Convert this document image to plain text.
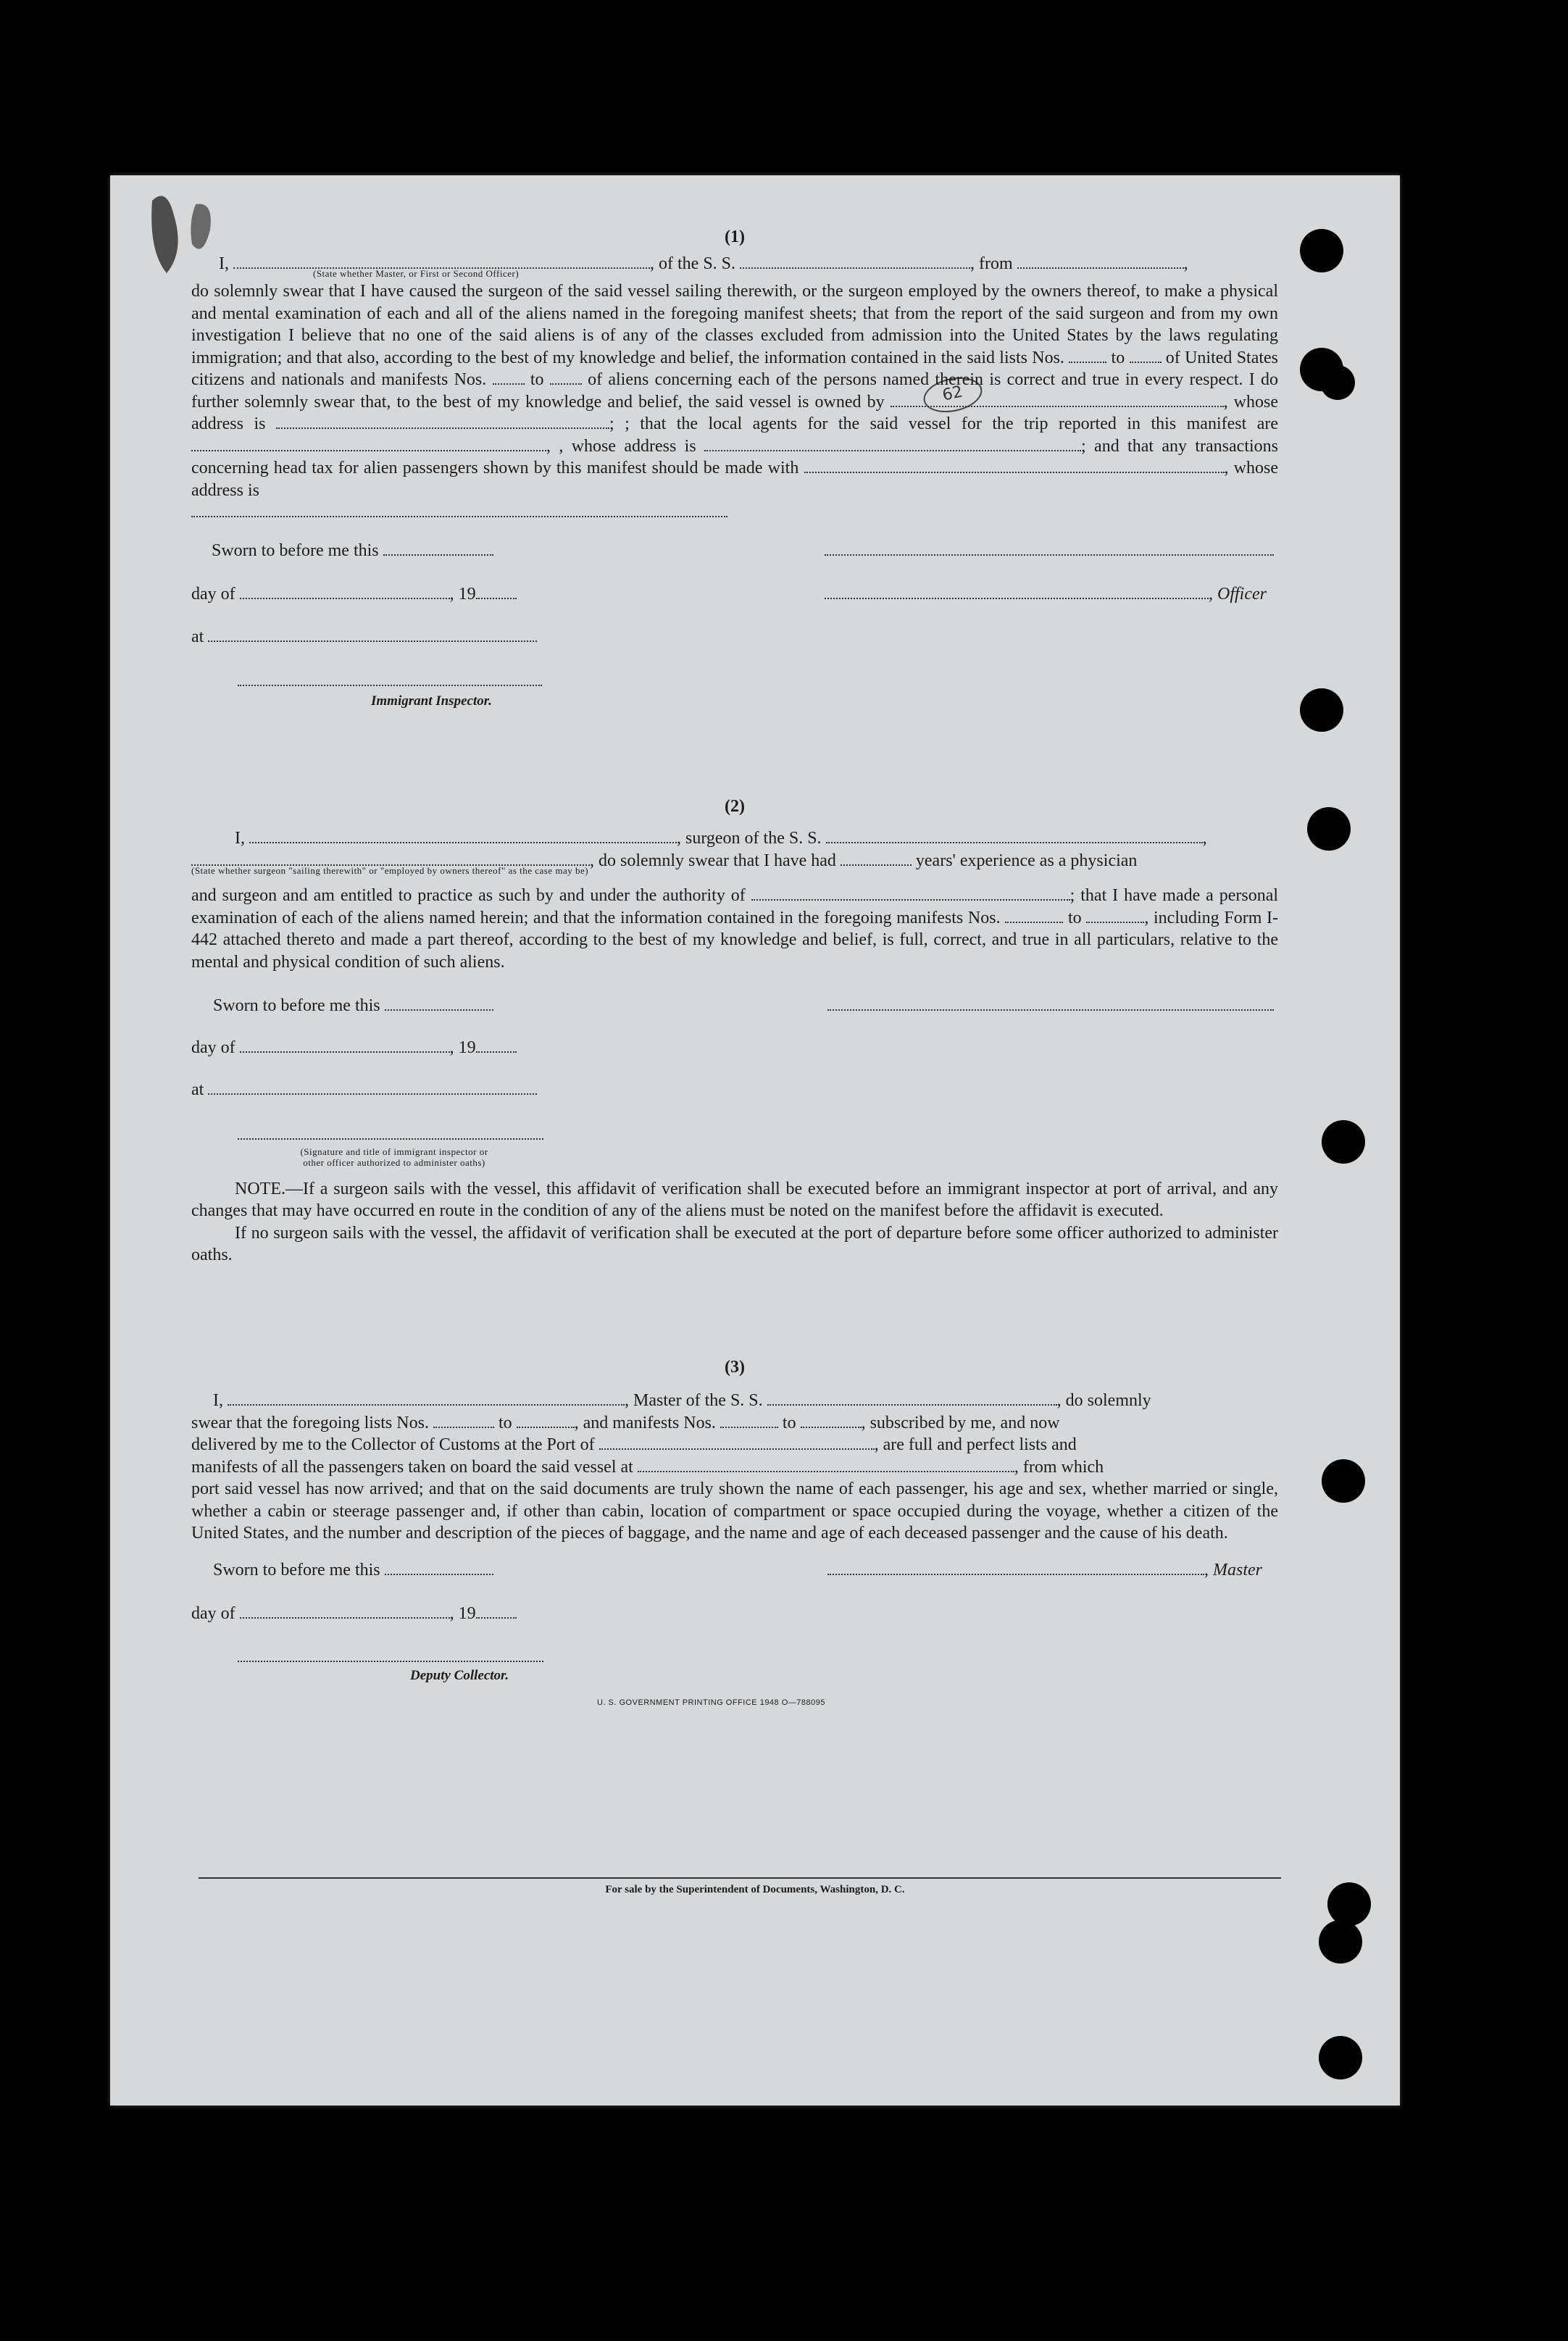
62
(1)
I,	, of the S. S.	, from	,
(State whether Master, or First or Second Officer)
do solemnly swear that I have caused the surgeon of the said vessel sailing therewith, or the surgeon employed by the owners thereof, to make a physical and mental examination of each and all of the aliens named in the foregoing manifest sheets; that from the report of the said surgeon and from my own investigation I believe that no one of the said aliens is of any of the classes excluded from admission into the United States by the laws regulating immigration; and that also, according to the best of my knowledge and belief, the information contained in the said lists Nos.	to of United States citizens and nationals and manifests Nos.	to	of aliens concerning each of the persons named therein is correct and true in every respect. I do further solemnly swear that, to the best of my knowledge and belief, the said vessel is owned by	, whose address is	; ; that the local agents for the said vessel for the trip reported in this manifest are , , whose address is	; and that any transactions concerning head tax for alien passengers shown by this manifest should be made with	, whose address is

Sworn to before me this
day of	, 19
at
, Officer
Immigrant Inspector.
(2)
I,	, surgeon of the S. S.	,
, do solemnly swear that I have had	years' experience as a physician
(State whether surgeon "sailing therewith" or "employed by owners thereof" as the case may be)
and surgeon and am entitled to practice as such by and under the authority of	; that I have made a personal examination of each of the aliens named herein; and that the information contained in the foregoing manifests Nos.	to	, including Form I-442 attached thereto and made a part thereof, according to the best of my knowledge and belief, is full, correct, and true in all particulars, relative to the mental and physical condition of such aliens.
Sworn to before me this
day of	, 19
at
(Signature and title of immigrant inspector or
other officer authorized to administer oaths)
NOTE.—If a surgeon sails with the vessel, this affidavit of verification shall be executed before an immigrant inspector at port of arrival, and any changes that may have occurred en route in the condition of any of the aliens must be noted on the manifest before the affidavit is executed.
If no surgeon sails with the vessel, the affidavit of verification shall be executed at the port of departure before some officer authorized to administer oaths.
(3)
I,	, Master of the S. S.	, do solemnly
swear that the foregoing lists Nos.	to	, and manifests Nos.	to	, subscribed by me, and now
delivered by me to the Collector of Customs at the Port of	, are full and perfect lists and
manifests of all the passengers taken on board the said vessel at	, from which
port said vessel has now arrived; and that on the said documents are truly shown the name of each passenger, his age and sex, whether married or single, whether a cabin or steerage passenger and, if other than cabin, location of compartment or space occupied during the voyage, whether a citizen of the United States, and the number and description of the pieces of baggage, and the name and age of each deceased passenger and the cause of his death.
Sworn to before me this
day of	, 19
, Master
Deputy Collector.
U. S. GOVERNMENT PRINTING OFFICE 1948 O—788095
For sale by the Superintendent of Documents, Washington, D. C.
